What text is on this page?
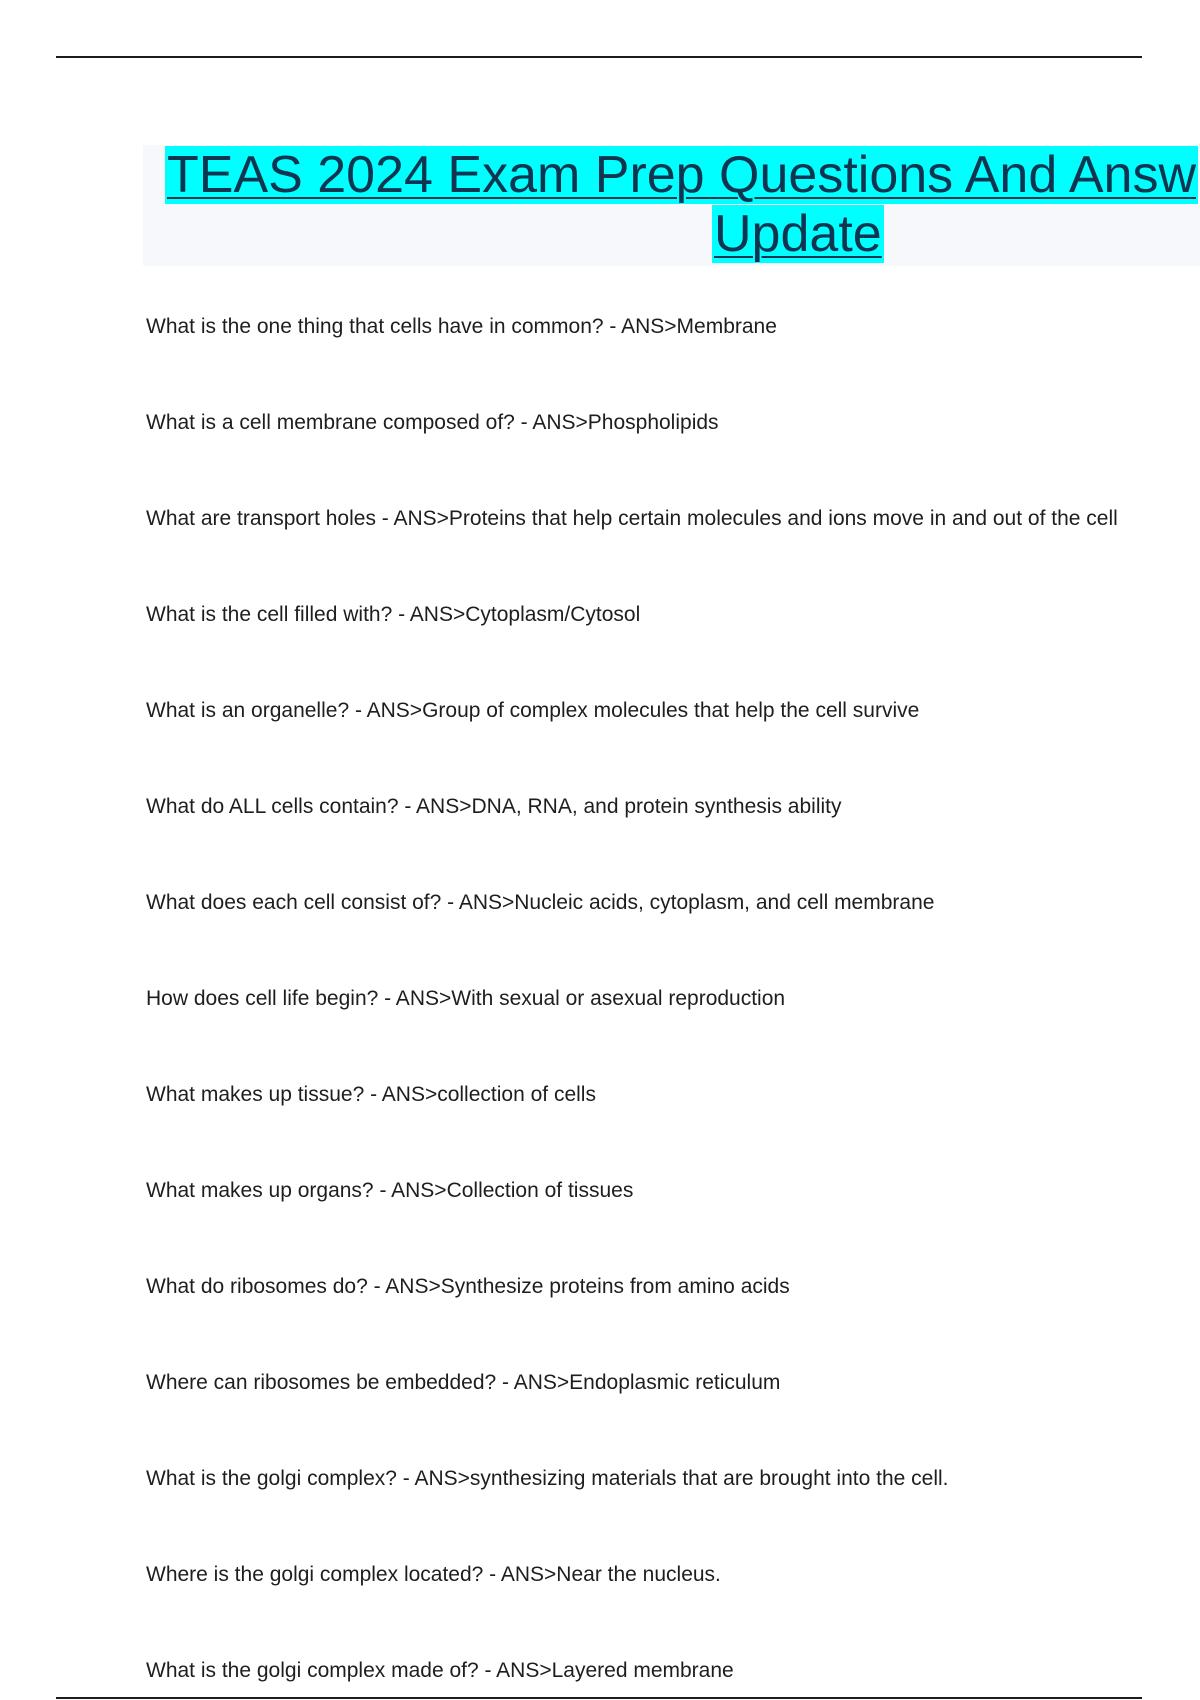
TEAS 2024 Exam Prep Questions And Answ
Update
What is the one thing that cells have in common? - ANS>Membrane
What is a cell membrane composed of? - ANS>Phospholipids
What are transport holes - ANS>Proteins that help certain molecules and ions move in and out of the cell
What is the cell filled with? - ANS>Cytoplasm/Cytosol
What is an organelle? - ANS>Group of complex molecules that help the cell survive
What do ALL cells contain? - ANS>DNA, RNA, and protein synthesis ability
What does each cell consist of? - ANS>Nucleic acids, cytoplasm, and cell membrane
How does cell life begin? - ANS>With sexual or asexual reproduction
What makes up tissue? - ANS>collection of cells
What makes up organs? - ANS>Collection of tissues
What do ribosomes do? - ANS>Synthesize proteins from amino acids
Where can ribosomes be embedded? - ANS>Endoplasmic reticulum
What is the golgi complex? - ANS>synthesizing materials that are brought into the cell.
Where is the golgi complex located? - ANS>Near the nucleus.
What is the golgi complex made of? - ANS>Layered membrane
